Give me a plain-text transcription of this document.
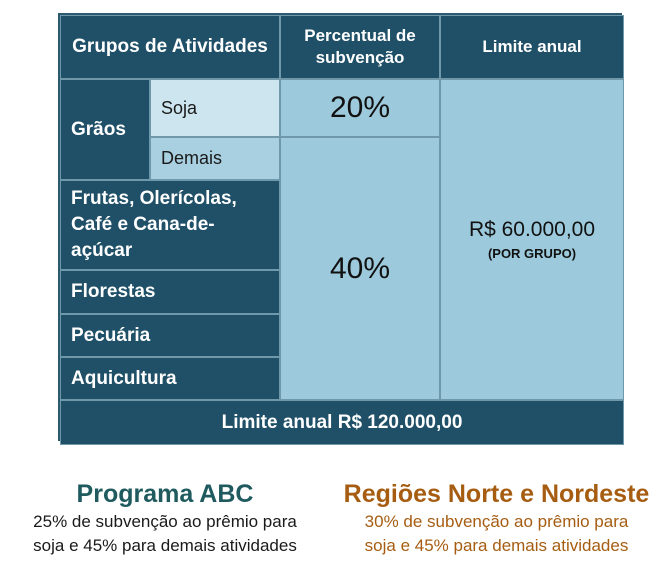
Grupos de Atividades
Percentual de subvenção
Limite anual
Grãos
Soja	20%
Demais
40%
R$ 60.000,00
(POR GRUPO)
Frutas, Olerícolas, Café e Cana-de-açúcar
Florestas
Pecuária
Aquicultura
Limite anual R$ 120.000,00
Programa ABC
25% de subvenção ao prêmio para
soja e 45% para demais atividades
Regiões Norte e Nordeste
30% de subvenção ao prêmio para
soja e 45% para demais atividades
